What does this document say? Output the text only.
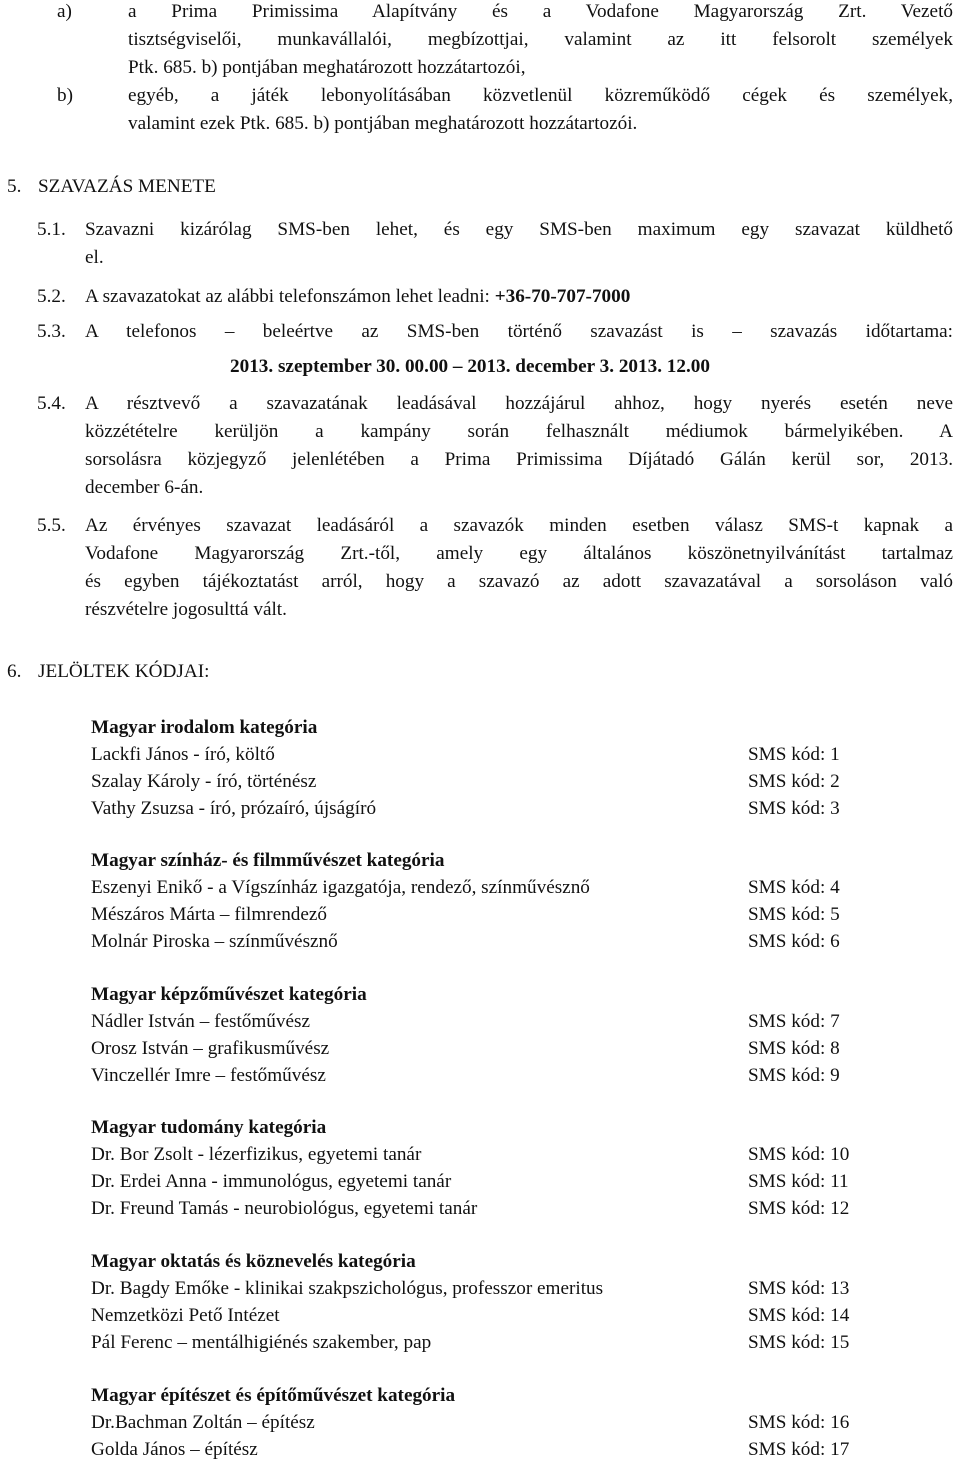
a)	a Prima Primissima Alapítvány és a Vodafone Magyarország Zrt. Vezető
tisztségviselői, munkavállalói, megbízottjai, valamint az itt felsorolt személyek
Ptk. 685. b) pontjában meghatározott hozzátartozói,
b)	egyéb, a játék lebonyolításában közvetlenül közreműködő cégek és személyek,
valamint ezek Ptk. 685. b) pontjában meghatározott hozzátartozói.
5. SZAVAZÁS MENETE
5.1. Szavazni kizárólag SMS-ben lehet, és egy SMS-ben maximum egy szavazat küldhető
el.
5.2. A szavazatokat az alábbi telefonszámon lehet leadni: +36-70-707-7000
5.3. A telefonos – beleértve az SMS-ben történő szavazást is – szavazás időtartama:
2013. szeptember 30. 00.00 – 2013. december 3. 2013. 12.00
5.4. A résztvevő a szavazatának leadásával hozzájárul ahhoz, hogy nyerés esetén neve
közzétételre kerüljön a kampány során felhasznált médiumok bármelyikében. A
sorsolásra közjegyző jelenlétében a Prima Primissima Díjátadó Gálán kerül sor, 2013.
december 6-án.
5.5. Az érvényes szavazat leadásáról a szavazók minden esetben válasz SMS-t kapnak a
Vodafone Magyarország Zrt.-től, amely egy általános köszönetnyilvánítást tartalmaz
és egyben tájékoztatást arról, hogy a szavazó az adott szavazatával a sorsoláson való
részvételre jogosulttá vált.
6. JELÖLTEK KÓDJAI:
Magyar irodalom kategória
Lackfi János - író, költő	SMS kód: 1
Szalay Károly - író, történész	SMS kód: 2
Vathy Zsuzsa - író, prózaíró, újságíró	SMS kód: 3
Magyar színház- és filmművészet kategória
Eszenyi Enikő - a Vígszínház igazgatója, rendező, színművésznő	SMS kód: 4
Mészáros Márta – filmrendező	SMS kód: 5
Molnár Piroska – színművésznő	SMS kód: 6
Magyar képzőművészet kategória
Nádler István – festőművész	SMS kód: 7
Orosz István – grafikusművész	SMS kód: 8
Vinczellér Imre – festőművész	SMS kód: 9
Magyar tudomány kategória
Dr. Bor Zsolt - lézerfizikus, egyetemi tanár	SMS kód: 10
Dr. Erdei Anna - immunológus, egyetemi tanár	SMS kód: 11
Dr. Freund Tamás - neurobiológus, egyetemi tanár	SMS kód: 12
Magyar oktatás és köznevelés kategória
Dr. Bagdy Emőke - klinikai szakpszichológus, professzor emeritus	SMS kód: 13
Nemzetközi Pető Intézet	SMS kód: 14
Pál Ferenc – mentálhigiénés szakember, pap	SMS kód: 15
Magyar építészet és építőművészet kategória
Dr.Bachman Zoltán – építész	SMS kód: 16
Golda János – építész	SMS kód: 17
